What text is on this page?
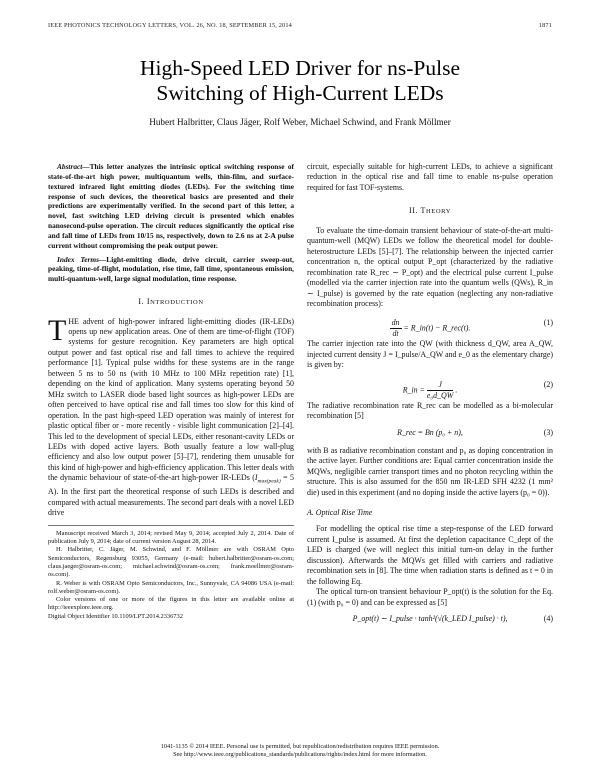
IEEE PHOTONICS TECHNOLOGY LETTERS, VOL. 26, NO. 18, SEPTEMBER 15, 2014	1871
High-Speed LED Driver for ns-Pulse
Switching of High-Current LEDs
Hubert Halbritter, Claus Jäger, Rolf Weber, Michael Schwind, and Frank Möllmer

Abstract—This letter analyzes the intrinsic optical switching response of state-of-the-art high power, multiquantum wells, thin-film, and surface-textured infrared light emitting diodes (LEDs). For the switching time response of such devices, the theoretical basics are presented and their predictions are experimentally verified. In the second part of this letter, a novel, fast switching LED driving circuit is presented which enables nanosecond-pulse operation. The circuit reduces significantly the optical rise and fall time of LEDs from 10/15 ns, respectively, down to 2.6 ns at 2-A pulse current without compromising the peak output power.

Index Terms—Light-emitting diode, drive circuit, carrier sweep-out, peaking, time-of-flight, modulation, rise time, fall time, spontaneous emission, multi-quantum-well, large signal modulation, time response.

I. INTRODUCTION

THE advent of high-power infrared light-emitting diodes (IR-LEDs) opens up new application areas. One of them are time-of-flight (TOF) systems for gesture recognition. Key parameters are high optical output power and fast optical rise and fall times to achieve the required performance [1]. Typical pulse widths for these systems are in the range between 5 ns to 50 ns (with 10 MHz to 100 MHz repetition rate) [1], depending on the kind of application. Many systems operating beyond 50 MHz switch to LASER diode based light sources as high-power LEDs are often perceived to have optical rise and fall times too slow for this kind of operation. In the past high-speed LED operation was mainly of interest for plastic optical fiber or - more recently - visible light communication [2]–[4]. This led to the development of special LEDs, either resonant-cavity LEDs or LEDs with doped active layers. Both usually feature a low wall-plug efficiency and also low output power [5]–[7], rendering them unusable for this kind of high-power and high-efficiency application. This letter deals with the dynamic behaviour of state-of-the-art high-power IR-LEDs ($I_{max(peak)} = 5$ A). In the first part the theoretical response of such LEDs is described and compared with actual measurements. The second part deals with a novel LED drive

Manuscript received March 3, 2014; revised May 9, 2014; accepted July 2, 2014. Date of publication July 9, 2014; date of current version August 28, 2014.

H. Halbritter, C. Jäger, M. Schwind, and F. Möllmer are with OSRAM Opto Semiconductors, Regensburg 93055, Germany (e-mail: hubert.halbritter@osram-os.com; claus.jaeger@osram-os.com; michael.schwind@osram-os.com; frank.moellmer@osram-os.com).

R. Weber is with OSRAM Opto Semiconductors, Inc., Sunnyvale, CA 94086 USA (e-mail: rolf.weber@osram-os.com).

Color versions of one or more of the figures in this letter are available online at http://ieeexplore.ieee.org.

Digital Object Identifier 10.1109/LPT.2014.2336732

circuit, especially suitable for high-current LEDs, to achieve a significant reduction in the optical rise and fall time to enable ns-pulse operation required for fast TOF-systems.

II. THEORY

To evaluate the time-domain transient behaviour of state-of-the-art multi-quantum-well (MQW) LEDs we follow the theoretical model for double-heterostructure LEDs [5]–[7]. The relationship between the injected carrier concentration n, the optical output P_opt (characterized by the radiative recombination rate R_rec ∼ P_opt) and the electrical pulse current I_pulse (modelled via the carrier injection rate into the quantum wells (QWs), R_in ∼ I_pulse) is governed by the rate equation (neglecting any non-radiative recombination process):

$\frac{dn}{dt}$ = R_in(t) − R_rec(t).
(1)

The carrier injection rate into the QW (with thickness d_QW, area A_QW, injected current density J = I_pulse/A_QW and e_0 as the elementary charge) is given by:

R_in = $\frac{J}{\text{e₀d\_QW}}$ .
(2)

The radiative recombination rate R_rec can be modelled as a bi-molecular recombination [5]

R_rec = Bn (p₀ + n),	(3)

with B as radiative recombination constant and p₀ as doping concentration in the active layer. Further conditions are: Equal carrier concentration inside the MQWs, negligible carrier transport times and no photon recycling within the structure. This is also assumed for the 850 nm IR-LED SFH 4232 (1 mm² die) used in this experiment (and no doping inside the active layers (p₀ = 0)).

A. Optical Rise Time

For modelling the optical rise time a step-response of the LED forward current I_pulse is assumed. At first the depletion capacitance C_dept of the LED is charged (we will neglect this initial turn-on delay in the further discussion). Afterwards the MQWs get filled with carriers and radiative recombination sets in [8]. The time when radiation starts is defined as t = 0 in the following Eq.

The optical turn-on transient behaviour P_opt(t) is the solution for the Eq. (1) (with p₀ = 0) and can be expressed as [5]

P_opt(t) ∼ I_pulse · tanh²(√(k_LED I_pulse) · t),	(4)
1041-1135 © 2014 IEEE. Personal use is permitted, but republication/redistribution requires IEEE permission.
See http://www.ieee.org/publications_standards/publications/rights/index.html for more information.
